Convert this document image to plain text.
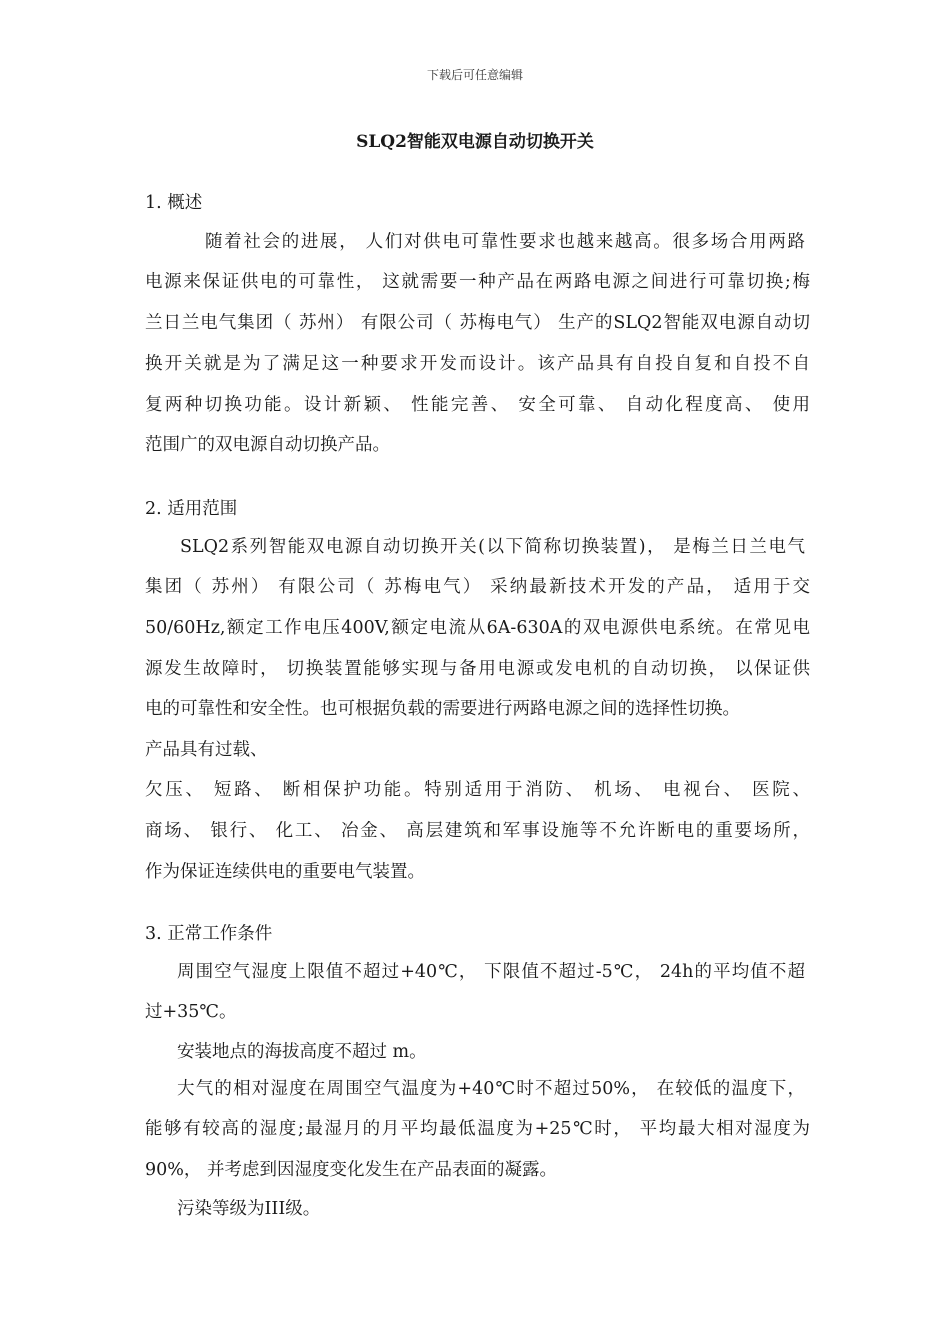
下载后可任意编辑
SLQ2智能双电源自动切换开关
1. 概述
随着社会的进展， 人们对供电可靠性要求也越来越高。很多场合用两路
电源来保证供电的可靠性， 这就需要一种产品在两路电源之间进行可靠切换;梅
兰日兰电气集团（ 苏州） 有限公司（ 苏梅电气） 生产的SLQ2智能双电源自动切
换开关就是为了满足这一种要求开发而设计。该产品具有自投自复和自投不自
复两种切换功能。设计新颖、 性能完善、 安全可靠、 自动化程度高、 使用
范围广的双电源自动切换产品。
2. 适用范围
SLQ2系列智能双电源自动切换开关(以下简称切换装置)， 是梅兰日兰电气
集团（ 苏州） 有限公司（ 苏梅电气） 采纳最新技术开发的产品， 适用于交
50/60Hz,额定工作电压400V,额定电流从6A-630A的双电源供电系统。在常见电
源发生故障时， 切换装置能够实现与备用电源或发电机的自动切换， 以保证供
电的可靠性和安全性。也可根据负载的需要进行两路电源之间的选择性切换。
产品具有过载、
欠压、 短路、 断相保护功能。特别适用于消防、 机场、 电视台、 医院、
商场、 银行、 化工、 冶金、 高层建筑和军事设施等不允许断电的重要场所，
作为保证连续供电的重要电气装置。
3. 正常工作条件
周围空气湿度上限值不超过+40℃， 下限值不超过-5℃， 24h的平均值不超
过+35℃。
安装地点的海拔高度不超过 m。
大气的相对湿度在周围空气温度为+40℃时不超过50%， 在较低的温度下，
能够有较高的湿度;最湿月的月平均最低温度为+25℃时， 平均最大相对湿度为
90%， 并考虑到因湿度变化发生在产品表面的凝露。
污染等级为III级。
